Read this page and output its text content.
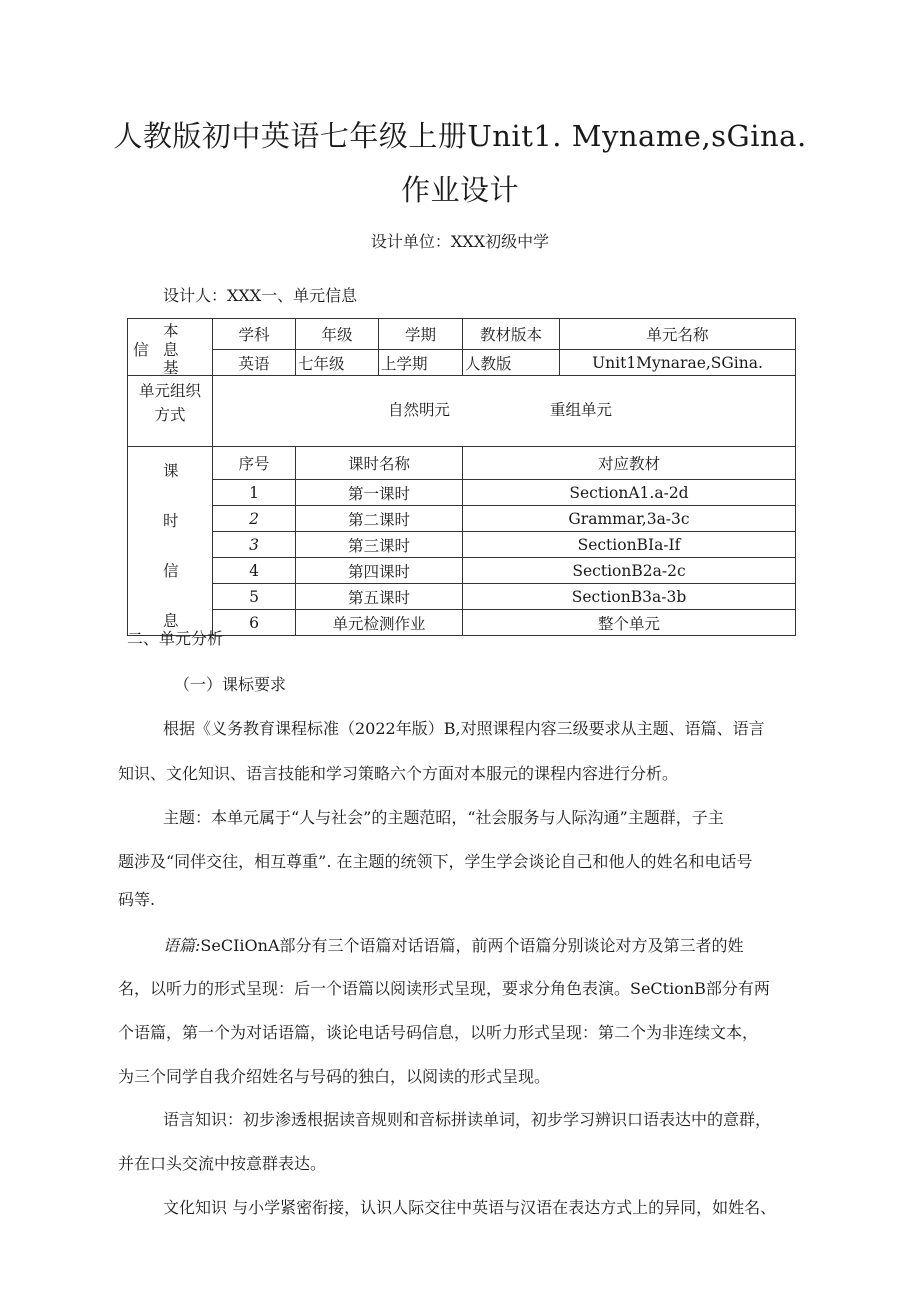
人教版初中英语七年级上册Unit1. Myname,sGina.
作业设计
设计单位：XXX初级中学
设计人：XXX一、单元信息
本
息
基
信	学科	年级	学期	教材版本	单元名称
	英语	七年级	上学期	人教版	Unit1Mynarae,SGina.

单元组织
方式	自然明元 重组单元				

课
时
信
息	序号	课时名称		对应教材	
	1	第一课时		SectionA1.a-2d	
	2	第二课时		Grammar,3a-3c	
	3	第三课时		SectionBIa-If	
	4	第四课时		SectionB2a-2c	
	5	第五课时		SectionB3a-3b	
	6	单元检测作业		整个单元	
二、单元分析
（一）课标要求
根据《义务教育课程标准（2022年版）B,对照课程内容三级要求从主题、语篇、语言
知识、文化知识、语言技能和学习策略六个方面对本服元的课程内容进行分析。
主题：本单元属于“人与社会”的主题范昭，“社会服务与人际沟通”主题群，子主
题涉及“同伴交往，相互尊重”. 在主题的统领下，学生学会谈论自己和他人的姓名和电话号
码等.
语篇:SeCIiOnA部分有三个语篇对话语篇，前两个语篇分别谈论对方及第三者的姓
名，以听力的形式呈现：后一个语篇以阅读形式呈现，要求分角色表演。SeCtionB部分有两
个语篇，第一个为对话语篇，谈论电话号码信息，以听力形式呈现：第二个为非连续文本，
为三个同学自我介绍姓名与号码的独白，以阅读的形式呈现。
语言知识：初步渗透根据读音规则和音标拼读单词，初步学习辨识口语表达中的意群，
并在口头交流中按意群表达。
文化知识 与小学紧密衔接，认识人际交往中英语与汉语在表达方式上的异同，如姓名、
